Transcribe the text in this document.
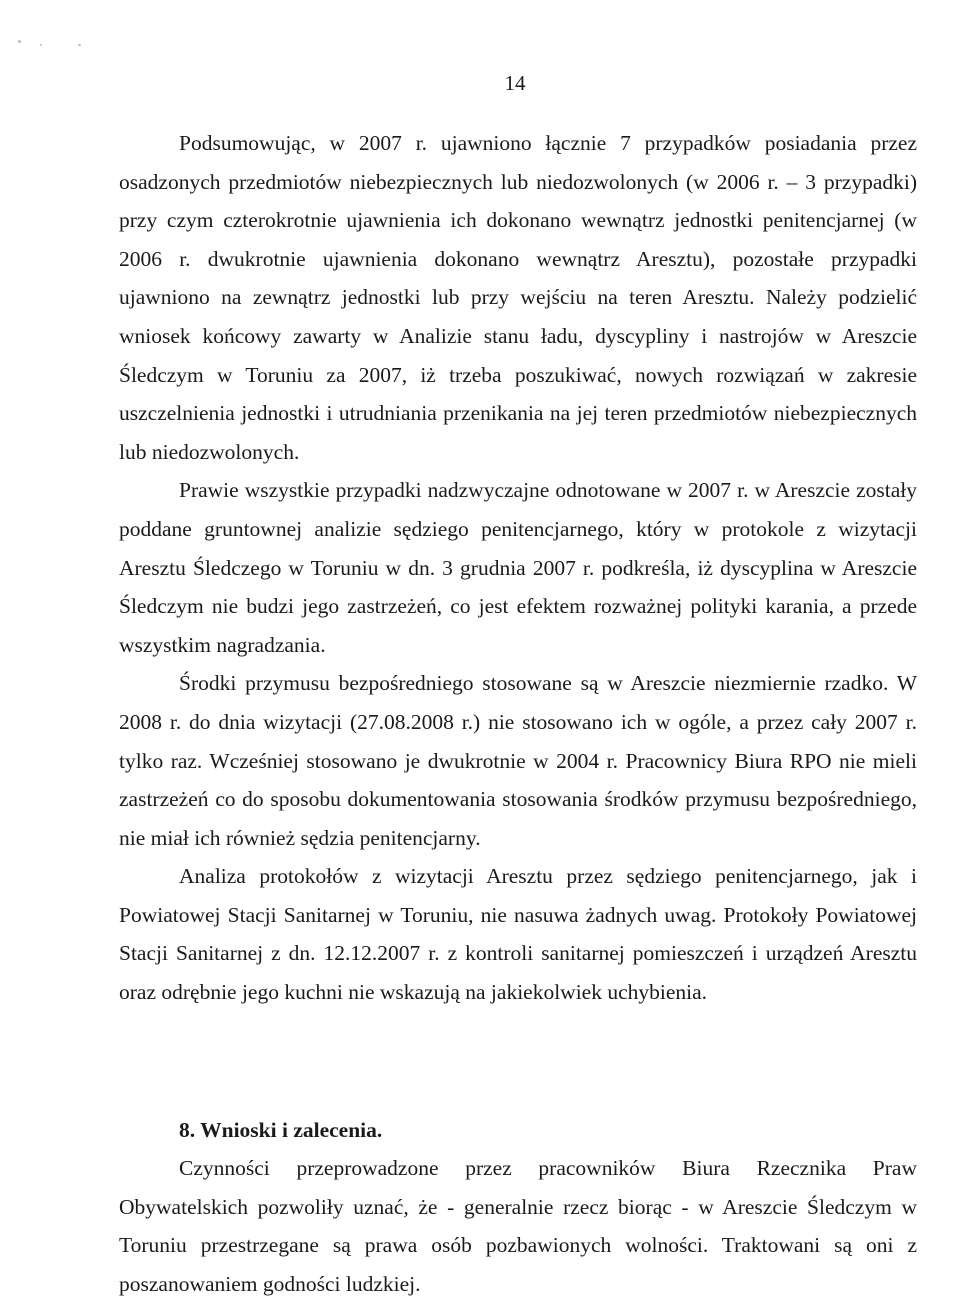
14

Podsumowując, w 2007 r. ujawniono łącznie 7 przypadków posiadania przez osadzonych przedmiotów niebezpiecznych lub niedozwolonych (w 2006 r. – 3 przypadki) przy czym czterokrotnie ujawnienia ich dokonano wewnątrz jednostki penitencjarnej (w 2006 r. dwukrotnie ujawnienia dokonano wewnątrz Aresztu), pozostałe przypadki ujawniono na zewnątrz jednostki lub przy wejściu na teren Aresztu. Należy podzielić wniosek końcowy zawarty w Analizie stanu ładu, dyscypliny i nastrojów w Areszcie Śledczym w Toruniu za 2007, iż trzeba poszukiwać, nowych rozwiązań w zakresie uszczelnienia jednostki i utrudniania przenikania na jej teren przedmiotów niebezpiecznych lub niedozwolonych.

Prawie wszystkie przypadki nadzwyczajne odnotowane w 2007 r. w Areszcie zostały poddane gruntownej analizie sędziego penitencjarnego, który w protokole z wizytacji Aresztu Śledczego w Toruniu w dn. 3 grudnia 2007 r. podkreśla, iż dyscyplina w Areszcie Śledczym nie budzi jego zastrzeżeń, co jest efektem rozważnej polityki karania, a przede wszystkim nagradzania.

Środki przymusu bezpośredniego stosowane są w Areszcie niezmiernie rzadko. W 2008 r. do dnia wizytacji (27.08.2008 r.) nie stosowano ich w ogóle, a przez cały 2007 r. tylko raz. Wcześniej stosowano je dwukrotnie w 2004 r. Pracownicy Biura RPO nie mieli zastrzeżeń co do sposobu dokumentowania stosowania środków przymusu bezpośredniego, nie miał ich również sędzia penitencjarny.

Analiza protokołów z wizytacji Aresztu przez sędziego penitencjarnego, jak i Powiatowej Stacji Sanitarnej w Toruniu, nie nasuwa żadnych uwag. Protokoły Powiatowej Stacji Sanitarnej z dn. 12.12.2007 r. z kontroli sanitarnej pomieszczeń i urządzeń Aresztu oraz odrębnie jego kuchni nie wskazują na jakiekolwiek uchybienia.

8. Wnioski i zalecenia.

Czynności przeprowadzone przez pracowników Biura Rzecznika Praw Obywatelskich pozwoliły uznać, że - generalnie rzecz biorąc - w Areszcie Śledczym w Toruniu przestrzegane są prawa osób pozbawionych wolności. Traktowani są oni z poszanowaniem godności ludzkiej.
